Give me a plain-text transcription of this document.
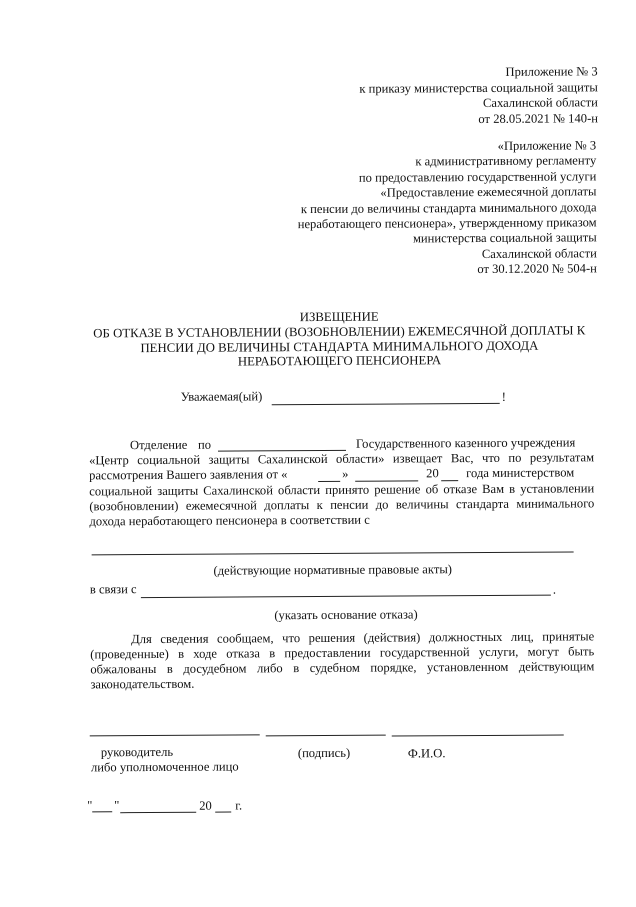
Приложение № 3
к приказу министерства социальной защиты
Сахалинской области
от 28.05.2021 № 140-н
«Приложение № 3
к административному регламенту
по предоставлению государственной услуги
«Предоставление ежемесячной доплаты
к пенсии до величины стандарта минимального дохода
неработающего пенсионера», утвержденному приказом
министерства социальной защиты
Сахалинской области
от 30.12.2020 № 504-н
ИЗВЕЩЕНИЕ
ОБ ОТКАЗЕ В УСТАНОВЛЕНИИ (ВОЗОБНОВЛЕНИИ) ЕЖЕМЕСЯЧНОЙ ДОПЛАТЫ К
ПЕНСИИ ДО ВЕЛИЧИНЫ СТАНДАРТА МИНИМАЛЬНОГО ДОХОДА
НЕРАБОТАЮЩЕГО ПЕНСИОНЕРА
Уважаемая(ый)	!
Отделение по	Государственного казенного учреждения
«Центр социальной защиты Сахалинской области» извещает Вас, что по результатам
рассмотрения Вашего заявления от «	»	20 года министерством
социальной защиты Сахалинской области принято решение об отказе Вам в установлении
(возобновлении) ежемесячной доплаты к пенсии до величины стандарта минимального
дохода неработающего пенсионера в соответствии с
(действующие нормативные правовые акты)
в связи с	.
(указать основание отказа)
Для сведения сообщаем, что решения (действия) должностных лиц, принятые
(проведенные) в ходе отказа в предоставлении государственной услуги, могут быть
обжалованы в досудебном либо в судебном порядке, установленном действующим
законодательством.
руководитель
либо уполномоченное лицо
(подпись)	Ф.И.О.
" "	20 г.
